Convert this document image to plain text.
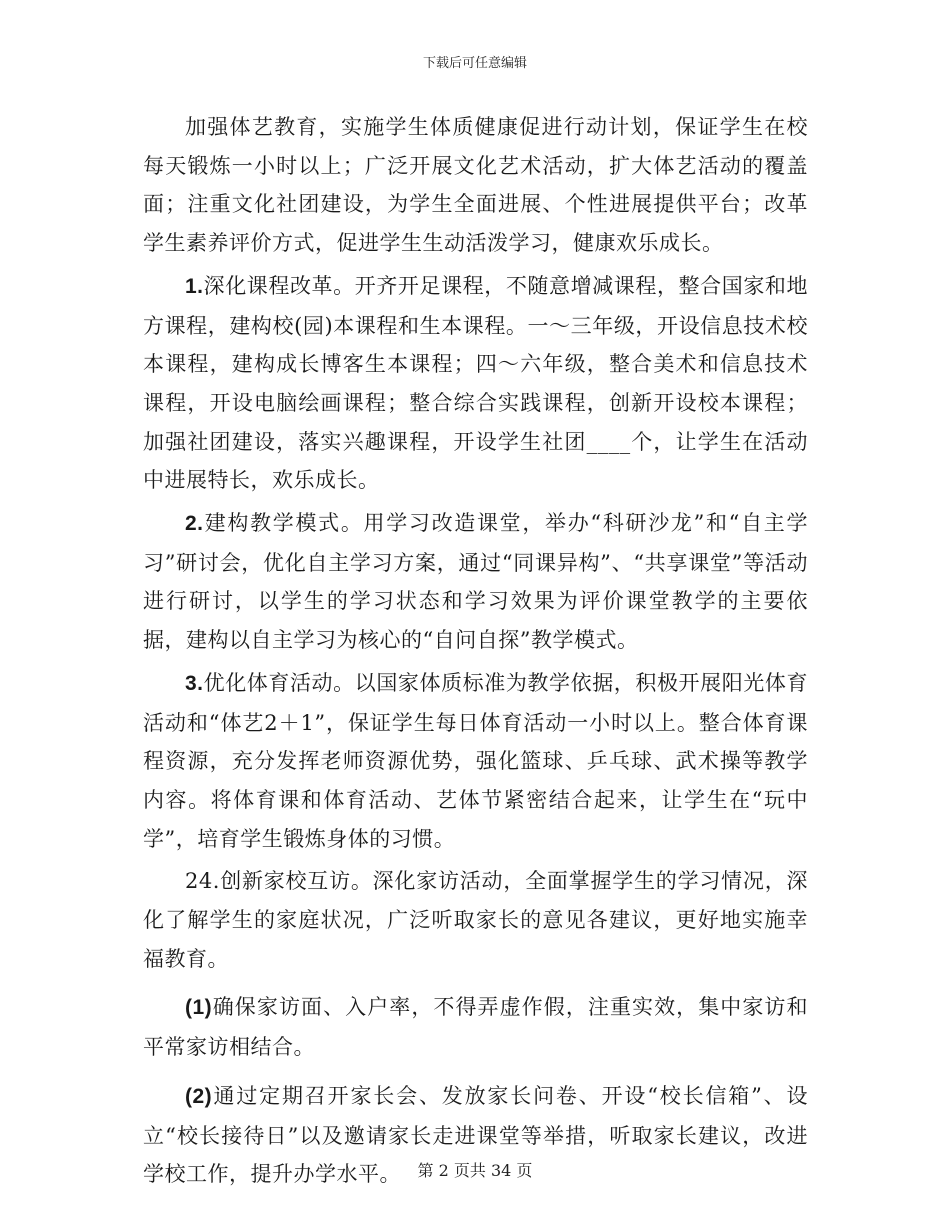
下载后可任意编辑

加强体艺教育，实施学生体质健康促进行动计划，保证学生在校每天锻炼一小时以上；广泛开展文化艺术活动，扩大体艺活动的覆盖面；注重文化社团建设，为学生全面进展、个性进展提供平台；改革学生素养评价方式，促进学生生动活泼学习，健康欢乐成长。

1.深化课程改革。开齐开足课程，不随意增减课程，整合国家和地方课程，建构校(园)本课程和生本课程。一～三年级，开设信息技术校本课程，建构成长博客生本课程；四～六年级，整合美术和信息技术课程，开设电脑绘画课程；整合综合实践课程，创新开设校本课程；加强社团建设，落实兴趣课程，开设学生社团____个，让学生在活动中进展特长，欢乐成长。

2.建构教学模式。用学习改造课堂，举办“科研沙龙”和“自主学习”研讨会，优化自主学习方案，通过“同课异构”、“共享课堂”等活动进行研讨，以学生的学习状态和学习效果为评价课堂教学的主要依据，建构以自主学习为核心的“自问自探”教学模式。

3.优化体育活动。以国家体质标准为教学依据，积极开展阳光体育活动和“体艺2＋1”，保证学生每日体育活动一小时以上。整合体育课程资源，充分发挥老师资源优势，强化篮球、乒乓球、武术操等教学内容。将体育课和体育活动、艺体节紧密结合起来，让学生在“玩中学”，培育学生锻炼身体的习惯。

24.创新家校互访。深化家访活动，全面掌握学生的学习情况，深化了解学生的家庭状况，广泛听取家长的意见各建议，更好地实施幸福教育。

(1)确保家访面、入户率，不得弄虚作假，注重实效，集中家访和平常家访相结合。

(2)通过定期召开家长会、发放家长问卷、开设“校长信箱”、设立“校长接待日”以及邀请家长走进课堂等举措，听取家长建议，改进学校工作，提升办学水平。	第 2 页共 34 页
